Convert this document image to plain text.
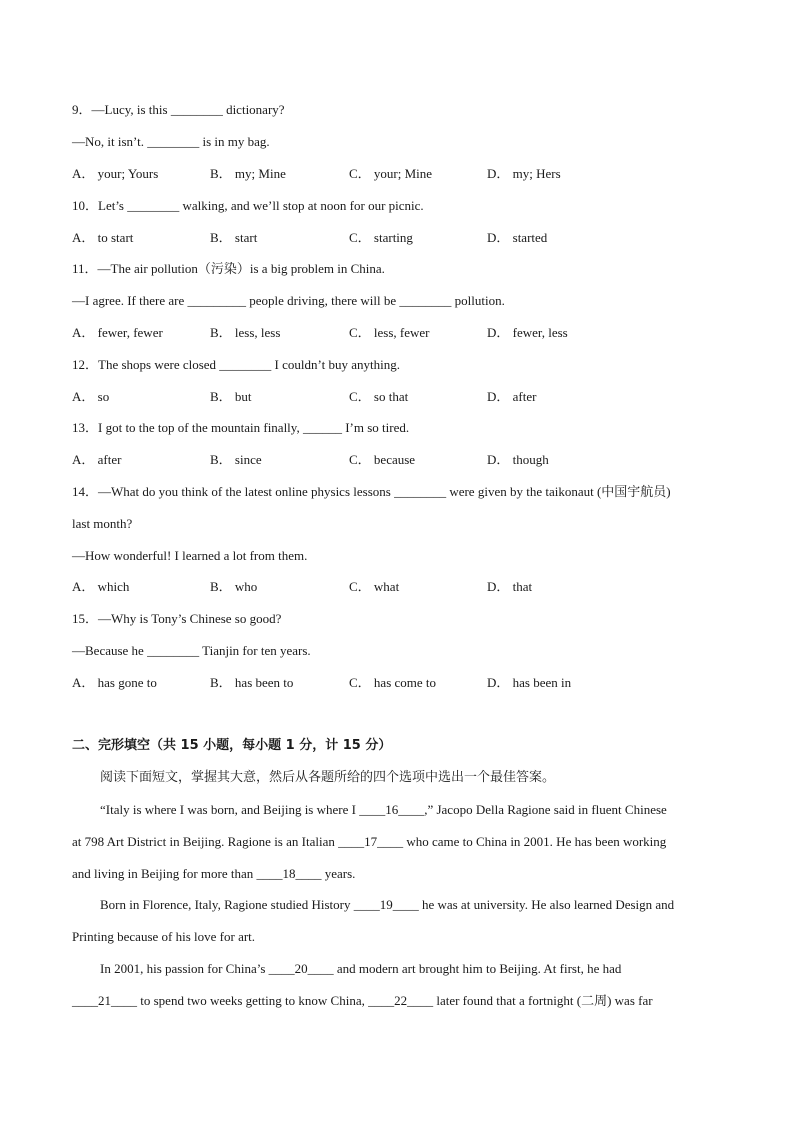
9．—Lucy, is this ________ dictionary?
—No, it isn’t. ________ is in my bag.
A． your; Yours	B． my; Mine	C． your; Mine	D． my; Hers
10．Let’s ________ walking, and we’ll stop at noon for our picnic.
A． to start	B． start	C． starting	D． started
11．—The air pollution（污染）is a big problem in China.
—I agree. If there are _________ people driving, there will be ________ pollution.
A． fewer, fewer	B． less, less	C． less, fewer	D． fewer, less
12．The shops were closed ________ I couldn’t buy anything.
A． so	B． but	C． so that	D． after
13．I got to the top of the mountain finally, ______ I’m so tired.
A． after	B． since	C． because	D． though
14．—What do you think of the latest online physics lessons ________ were given by the taikonaut (中国宇航员)
last month?
—How wonderful! I learned a lot from them.
A． which	B． who	C． what	D． that
15．—Why is Tony’s Chinese so good?
—Because he ________ Tianjin for ten years.
A． has gone to	B． has been to	C． has come to	D． has been in
二、完形填空（共 15 小题，每小题 1 分，计 15 分）
阅读下面短文，掌握其大意，然后从各题所给的四个选项中选出一个最佳答案。
“Italy is where I was born, and Beijing is where I ____16____,” Jacopo Della Ragione said in fluent Chinese
at 798 Art District in Beijing. Ragione is an Italian ____17____ who came to China in 2001. He has been working
and living in Beijing for more than ____18____ years.
Born in Florence, Italy, Ragione studied History ____19____ he was at university. He also learned Design and
Printing because of his love for art.
In 2001, his passion for China’s ____20____ and modern art brought him to Beijing. At first, he had
____21____ to spend two weeks getting to know China, ____22____ later found that a fortnight (二周) was far
